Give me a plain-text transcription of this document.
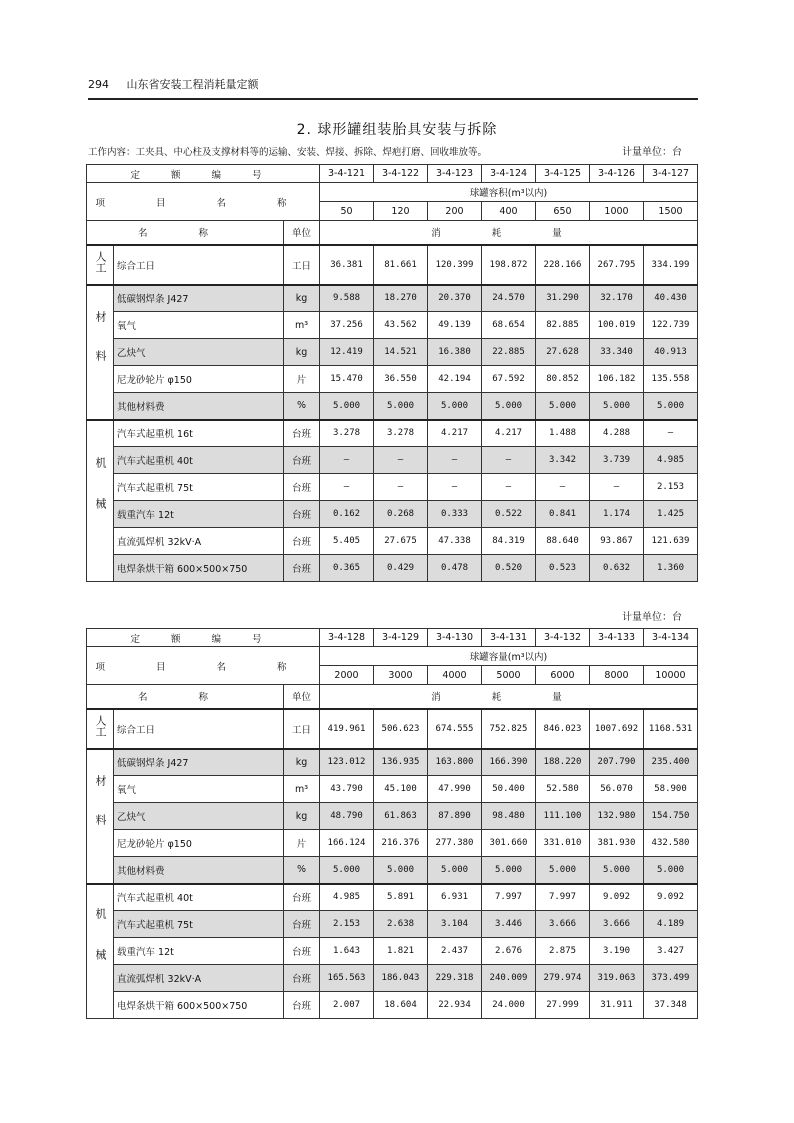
294 山东省安装工程消耗量定额
2. 球形罐组装胎具安装与拆除
工作内容：工夹具、中心柱及支撑材料等的运输、安装、焊接、拆除、焊疤打磨、回收堆放等。	计量单位：台
定 额 编 号			3-4-121	3-4-122	3-4-123	3-4-124	3-4-125	3-4-126	3-4-127
项 目 名 称			球罐容积(m³以内)						
			50	120	200	400	650	1000	1500
名 称		单位	消 耗 量						
人工	综合工日	工日	36.381	81.661	120.399	198.872	228.166	267.795	334.199
材料	低碳钢焊条 J427	kg	9.588	18.270	20.370	24.570	31.290	32.170	40.430
	氧气	m³	37.256	43.562	49.139	68.654	82.885	100.019	122.739
	乙炔气	kg	12.419	14.521	16.380	22.885	27.628	33.340	40.913
	尼龙砂轮片 φ150	片	15.470	36.550	42.194	67.592	80.852	106.182	135.558
	其他材料费	%	5.000	5.000	5.000	5.000	5.000	5.000	5.000
机械	汽车式起重机 16t	台班	3.278	3.278	4.217	4.217	1.488	4.288	—
	汽车式起重机 40t	台班	—	—	—	—	3.342	3.739	4.985
	汽车式起重机 75t	台班	—	—	—	—	—	—	2.153
	载重汽车 12t	台班	0.162	0.268	0.333	0.522	0.841	1.174	1.425
	直流弧焊机 32kV·A	台班	5.405	27.675	47.338	84.319	88.640	93.867	121.639
	电焊条烘干箱 600×500×750	台班	0.365	0.429	0.478	0.520	0.523	0.632	1.360
计量单位：台
定 额 编 号			3-4-128	3-4-129	3-4-130	3-4-131	3-4-132	3-4-133	3-4-134
项 目 名 称			球罐容量(m³以内)						
			2000	3000	4000	5000	6000	8000	10000
名 称		单位	消 耗 量						
人工	综合工日	工日	419.961	506.623	674.555	752.825	846.023	1007.692	1168.531
材料	低碳钢焊条 J427	kg	123.012	136.935	163.800	166.390	188.220	207.790	235.400
	氧气	m³	43.790	45.100	47.990	50.400	52.580	56.070	58.900
	乙炔气	kg	48.790	61.863	87.890	98.480	111.100	132.980	154.750
	尼龙砂轮片 φ150	片	166.124	216.376	277.380	301.660	331.010	381.930	432.580
	其他材料费	%	5.000	5.000	5.000	5.000	5.000	5.000	5.000
机械	汽车式起重机 40t	台班	4.985	5.891	6.931	7.997	7.997	9.092	9.092
	汽车式起重机 75t	台班	2.153	2.638	3.104	3.446	3.666	3.666	4.189
	载重汽车 12t	台班	1.643	1.821	2.437	2.676	2.875	3.190	3.427
	直流弧焊机 32kV·A	台班	165.563	186.043	229.318	240.009	279.974	319.063	373.499
	电焊条烘干箱 600×500×750	台班	2.007	18.604	22.934	24.000	27.999	31.911	37.348
